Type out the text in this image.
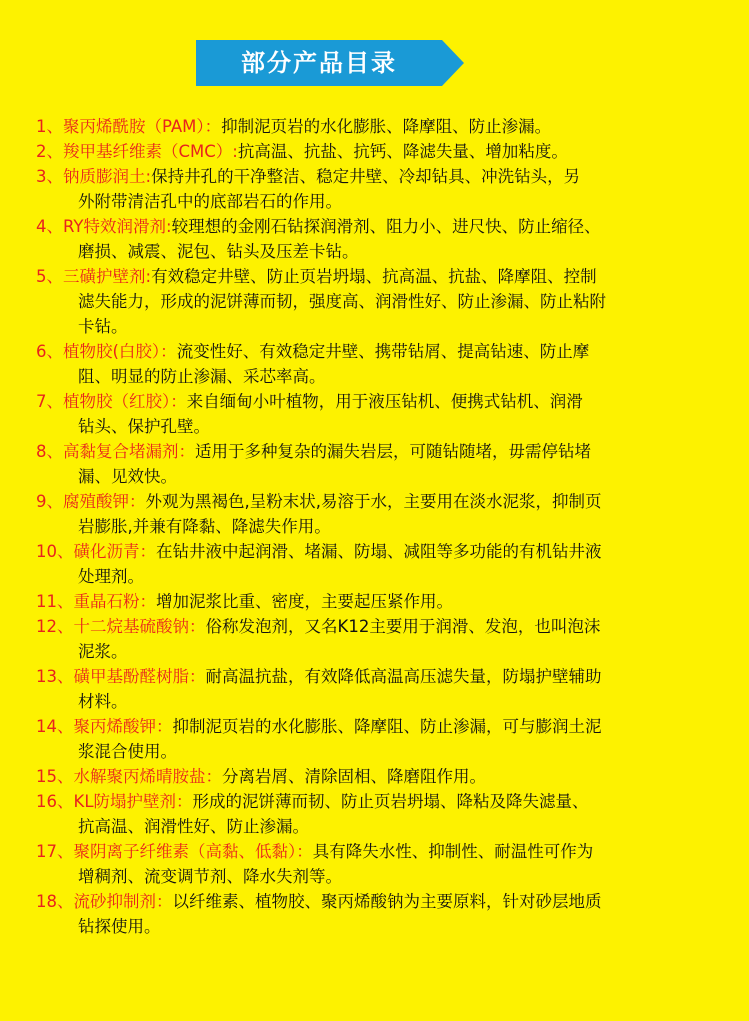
部分产品目录
1、聚丙烯酰胺（PAM）：抑制泥页岩的水化膨胀、降摩阻、防止渗漏。
2、羧甲基纤维素（CMC）:抗高温、抗盐、抗钙、降滤失量、增加粘度。
3、钠质膨润土:保持井孔的干净整洁、稳定井壁、冷却钻具、冲洗钻头，另
外附带清洁孔中的底部岩石的作用。
4、RY特效润滑剂:较理想的金刚石钻探润滑剂、阻力小、进尺快、防止缩径、
磨损、减震、泥包、钻头及压差卡钻。
5、三磺护壁剂:有效稳定井壁、防止页岩坍塌、抗高温、抗盐、降摩阻、控制
滤失能力，形成的泥饼薄而韧，强度高、润滑性好、防止渗漏、防止粘附
卡钻。
6、植物胶(白胶）：流变性好、有效稳定井壁、携带钻屑、提高钻速、防止摩
阻、明显的防止渗漏、采芯率高。
7、植物胶（红胶）：来自缅甸小叶植物，用于液压钻机、便携式钻机、润滑
钻头、保护孔壁。
8、高黏复合堵漏剂：适用于多种复杂的漏失岩层，可随钻随堵，毋需停钻堵
漏、见效快。
9、腐殖酸钾：外观为黑褐色,呈粉末状,易溶于水，主要用在淡水泥浆，抑制页
岩膨胀,并兼有降黏、降滤失作用。
10、磺化沥青：在钻井液中起润滑、堵漏、防塌、减阻等多功能的有机钻井液
处理剂。
11、重晶石粉：增加泥浆比重、密度，主要起压紧作用。
12、十二烷基硫酸钠：俗称发泡剂，又名K12主要用于润滑、发泡，也叫泡沫
泥浆。
13、磺甲基酚醛树脂：耐高温抗盐，有效降低高温高压滤失量，防塌护壁辅助
材料。
14、聚丙烯酸钾：抑制泥页岩的水化膨胀、降摩阻、防止渗漏，可与膨润土泥
浆混合使用。
15、水解聚丙烯晴胺盐：分离岩屑、清除固相、降磨阻作用。
16、KL防塌护壁剂：形成的泥饼薄而韧、防止页岩坍塌、降粘及降失滤量、
抗高温、润滑性好、防止渗漏。
17、聚阴离子纤维素（高黏、低黏）：具有降失水性、抑制性、耐温性可作为
增稠剂、流变调节剂、降水失剂等。
18、流砂抑制剂：以纤维素、植物胶、聚丙烯酸钠为主要原料，针对砂层地质
钻探使用。
